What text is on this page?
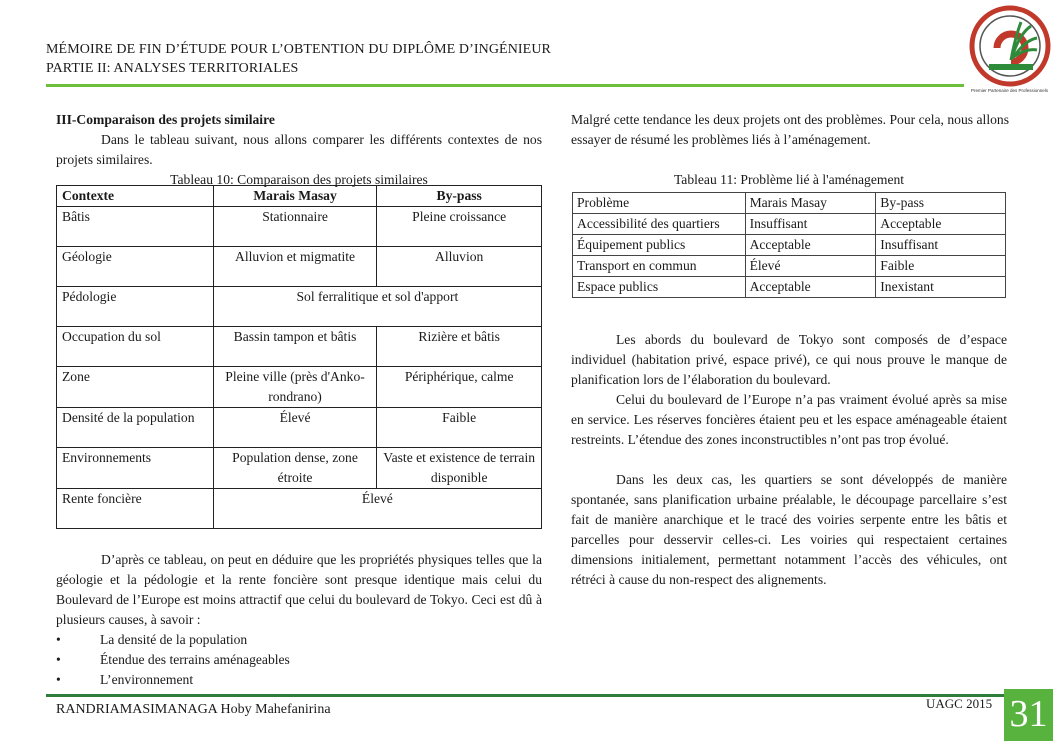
MÉMOIRE DE FIN D’ÉTUDE POUR L’OBTENTION DU DIPLÔME D’INGÉNIEUR
PARTIE II: ANALYSES TERRITORIALES
Premier Partenaire des Professionnels
III-Comparaison des projets similaire
Dans le tableau suivant, nous allons comparer les différents contextes de nos projets similaires.
Tableau 10: Comparaison des projets similaires
Contexte	Marais Masay	By-pass
Bâtis	Stationnaire	Pleine croissance
Géologie	Alluvion et migmatite	Alluvion
Pédologie	Sol ferralitique et sol d'apport	
Occupation du sol	Bassin tampon et bâtis	Rizière et bâtis
Zone	Pleine ville (près d'Anko-rondrano)	Périphérique, calme
Densité de la population	Élevé	Faible
Environnements	Population dense, zone étroite	Vaste et existence de terrain disponible
Rente foncière	Élevé	
D’après ce tableau, on peut en déduire que les propriétés physiques telles que la géologie et la pédologie et la rente foncière sont presque identique mais celui du Boulevard de l’Europe est moins attractif que celui du boulevard de Tokyo. Ceci est dû à plusieurs causes, à savoir :
•	La densité de la population
•	Étendue des terrains aménageables
•	L’environnement
Malgré cette tendance les deux projets ont des problèmes. Pour cela, nous allons essayer de résumé les problèmes liés à l’aménagement.
Tableau 11: Problème lié à l'aménagement
Problème	Marais Masay	By-pass
Accessibilité des quartiers	Insuffisant	Acceptable
Équipement publics	Acceptable	Insuffisant
Transport en commun	Élevé	Faible
Espace publics	Acceptable	Inexistant
Les abords du boulevard de Tokyo sont composés de d’espace individuel (habitation privé, espace privé), ce qui nous prouve le manque de planification lors de l’élaboration du boulevard.
Celui du boulevard de l’Europe n’a pas vraiment évolué après sa mise en service. Les réserves foncières étaient peu et les espace aménageable étaient restreints. L’étendue des zones inconstructibles n’ont pas trop évolué.
Dans les deux cas, les quartiers se sont développés de manière spontanée, sans planification urbaine préalable, le découpage parcellaire s’est fait de manière anarchique et le tracé des voiries serpente entre les bâtis et parcelles pour desservir celles-ci. Les voiries qui respectaient certaines dimensions initialement, permettant notamment l’accès des véhicules, ont rétréci à cause du non-respect des alignements.
RANDRIAMASIMANAGA Hoby Mahefanirina	UAGC 2015 31
